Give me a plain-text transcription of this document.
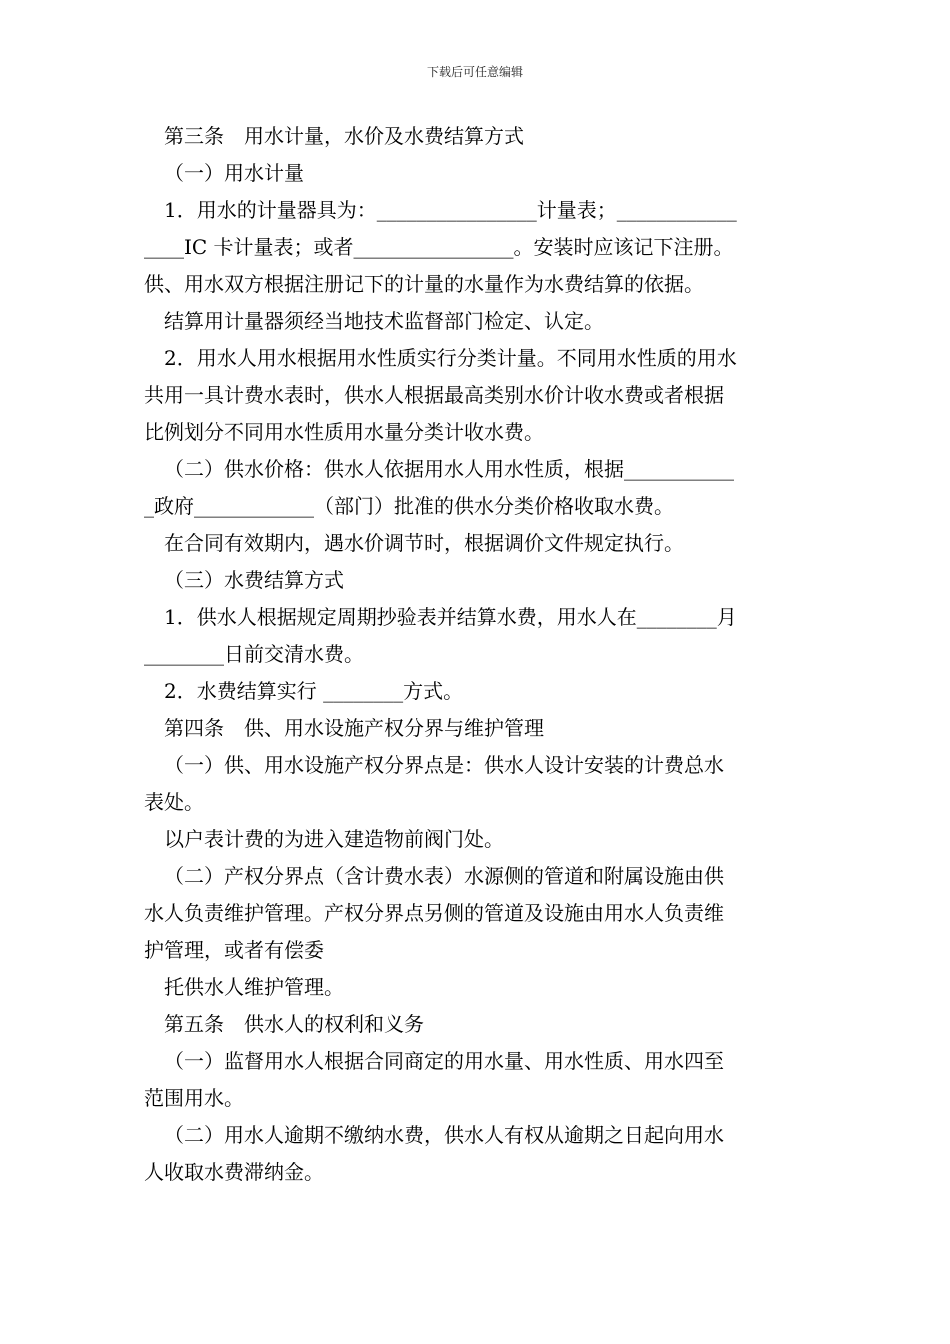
下载后可任意编辑
第三条　用水计量，水价及水费结算方式
（一）用水计量
1．用水的计量器具为：________________计量表；____________
____IC 卡计量表；或者________________。安装时应该记下注册。
供、用水双方根据注册记下的计量的水量作为水费结算的依据。
结算用计量器须经当地技术监督部门检定、认定。
2．用水人用水根据用水性质实行分类计量。不同用水性质的用水
共用一具计费水表时，供水人根据最高类别水价计收水费或者根据
比例划分不同用水性质用水量分类计收水费。
（二）供水价格：供水人依据用水人用水性质，根据___________
_政府____________（部门）批准的供水分类价格收取水费。
在合同有效期内，遇水价调节时，根据调价文件规定执行。
（三）水费结算方式
1．供水人根据规定周期抄验表并结算水费，用水人在________月
________日前交清水费。
2．水费结算实行 ________方式。
第四条　供、用水设施产权分界与维护管理
（一）供、用水设施产权分界点是：供水人设计安装的计费总水
表处。
以户表计费的为进入建造物前阀门处。
（二）产权分界点（含计费水表）水源侧的管道和附属设施由供
水人负责维护管理。产权分界点另侧的管道及设施由用水人负责维
护管理，或者有偿委
托供水人维护管理。
第五条　供水人的权利和义务
（一）监督用水人根据合同商定的用水量、用水性质、用水四至
范围用水。
（二）用水人逾期不缴纳水费，供水人有权从逾期之日起向用水
人收取水费滞纳金。
